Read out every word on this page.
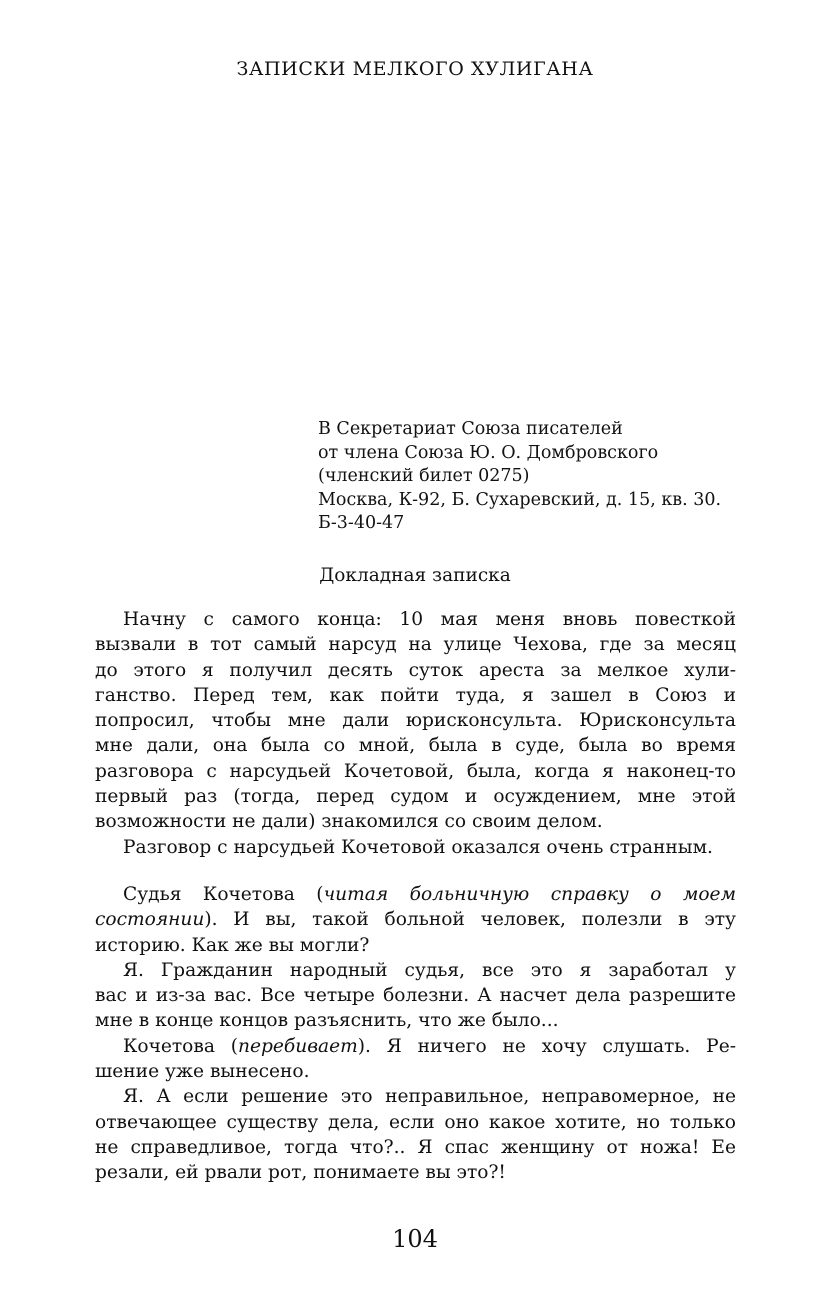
ЗАПИСКИ МЕЛКОГО ХУЛИГАНА
В Секретариат Союза писателей
от члена Союза Ю. О. Домбровского
(членский билет 0275)
Москва, К-92, Б. Сухаревский, д. 15, кв. 30.
Б-3-40-47
Докладная записка
Начну с самого конца: 10 мая меня вновь повесткой
вызвали в тот самый нарсуд на улице Чехова, где за месяц
до этого я получил десять суток ареста за мелкое хули-
ганство. Перед тем, как пойти туда, я зашел в Союз и
попросил, чтобы мне дали юрисконсульта. Юрисконсульта
мне дали, она была со мной, была в суде, была во время
разговора с нарсудьей Кочетовой, была, когда я наконец-то
первый раз (тогда, перед судом и осуждением, мне этой
возможности не дали) знакомился со своим делом.
Разговор с нарсудьей Кочетовой оказался очень странным.
Судья Кочетова (читая больничную справку о моем
состоянии). И вы, такой больной человек, полезли в эту
историю. Как же вы могли?
Я. Гражданин народный судья, все это я заработал у
вас и из-за вас. Все четыре болезни. А насчет дела разрешите
мне в конце концов разъяснить, что же было...
Кочетова (перебивает). Я ничего не хочу слушать. Ре-
шение уже вынесено.
Я. А если решение это неправильное, неправомерное, не
отвечающее существу дела, если оно какое хотите, но только
не справедливое, тогда что?.. Я спас женщину от ножа! Ее
резали, ей рвали рот, понимаете вы это?!
104
